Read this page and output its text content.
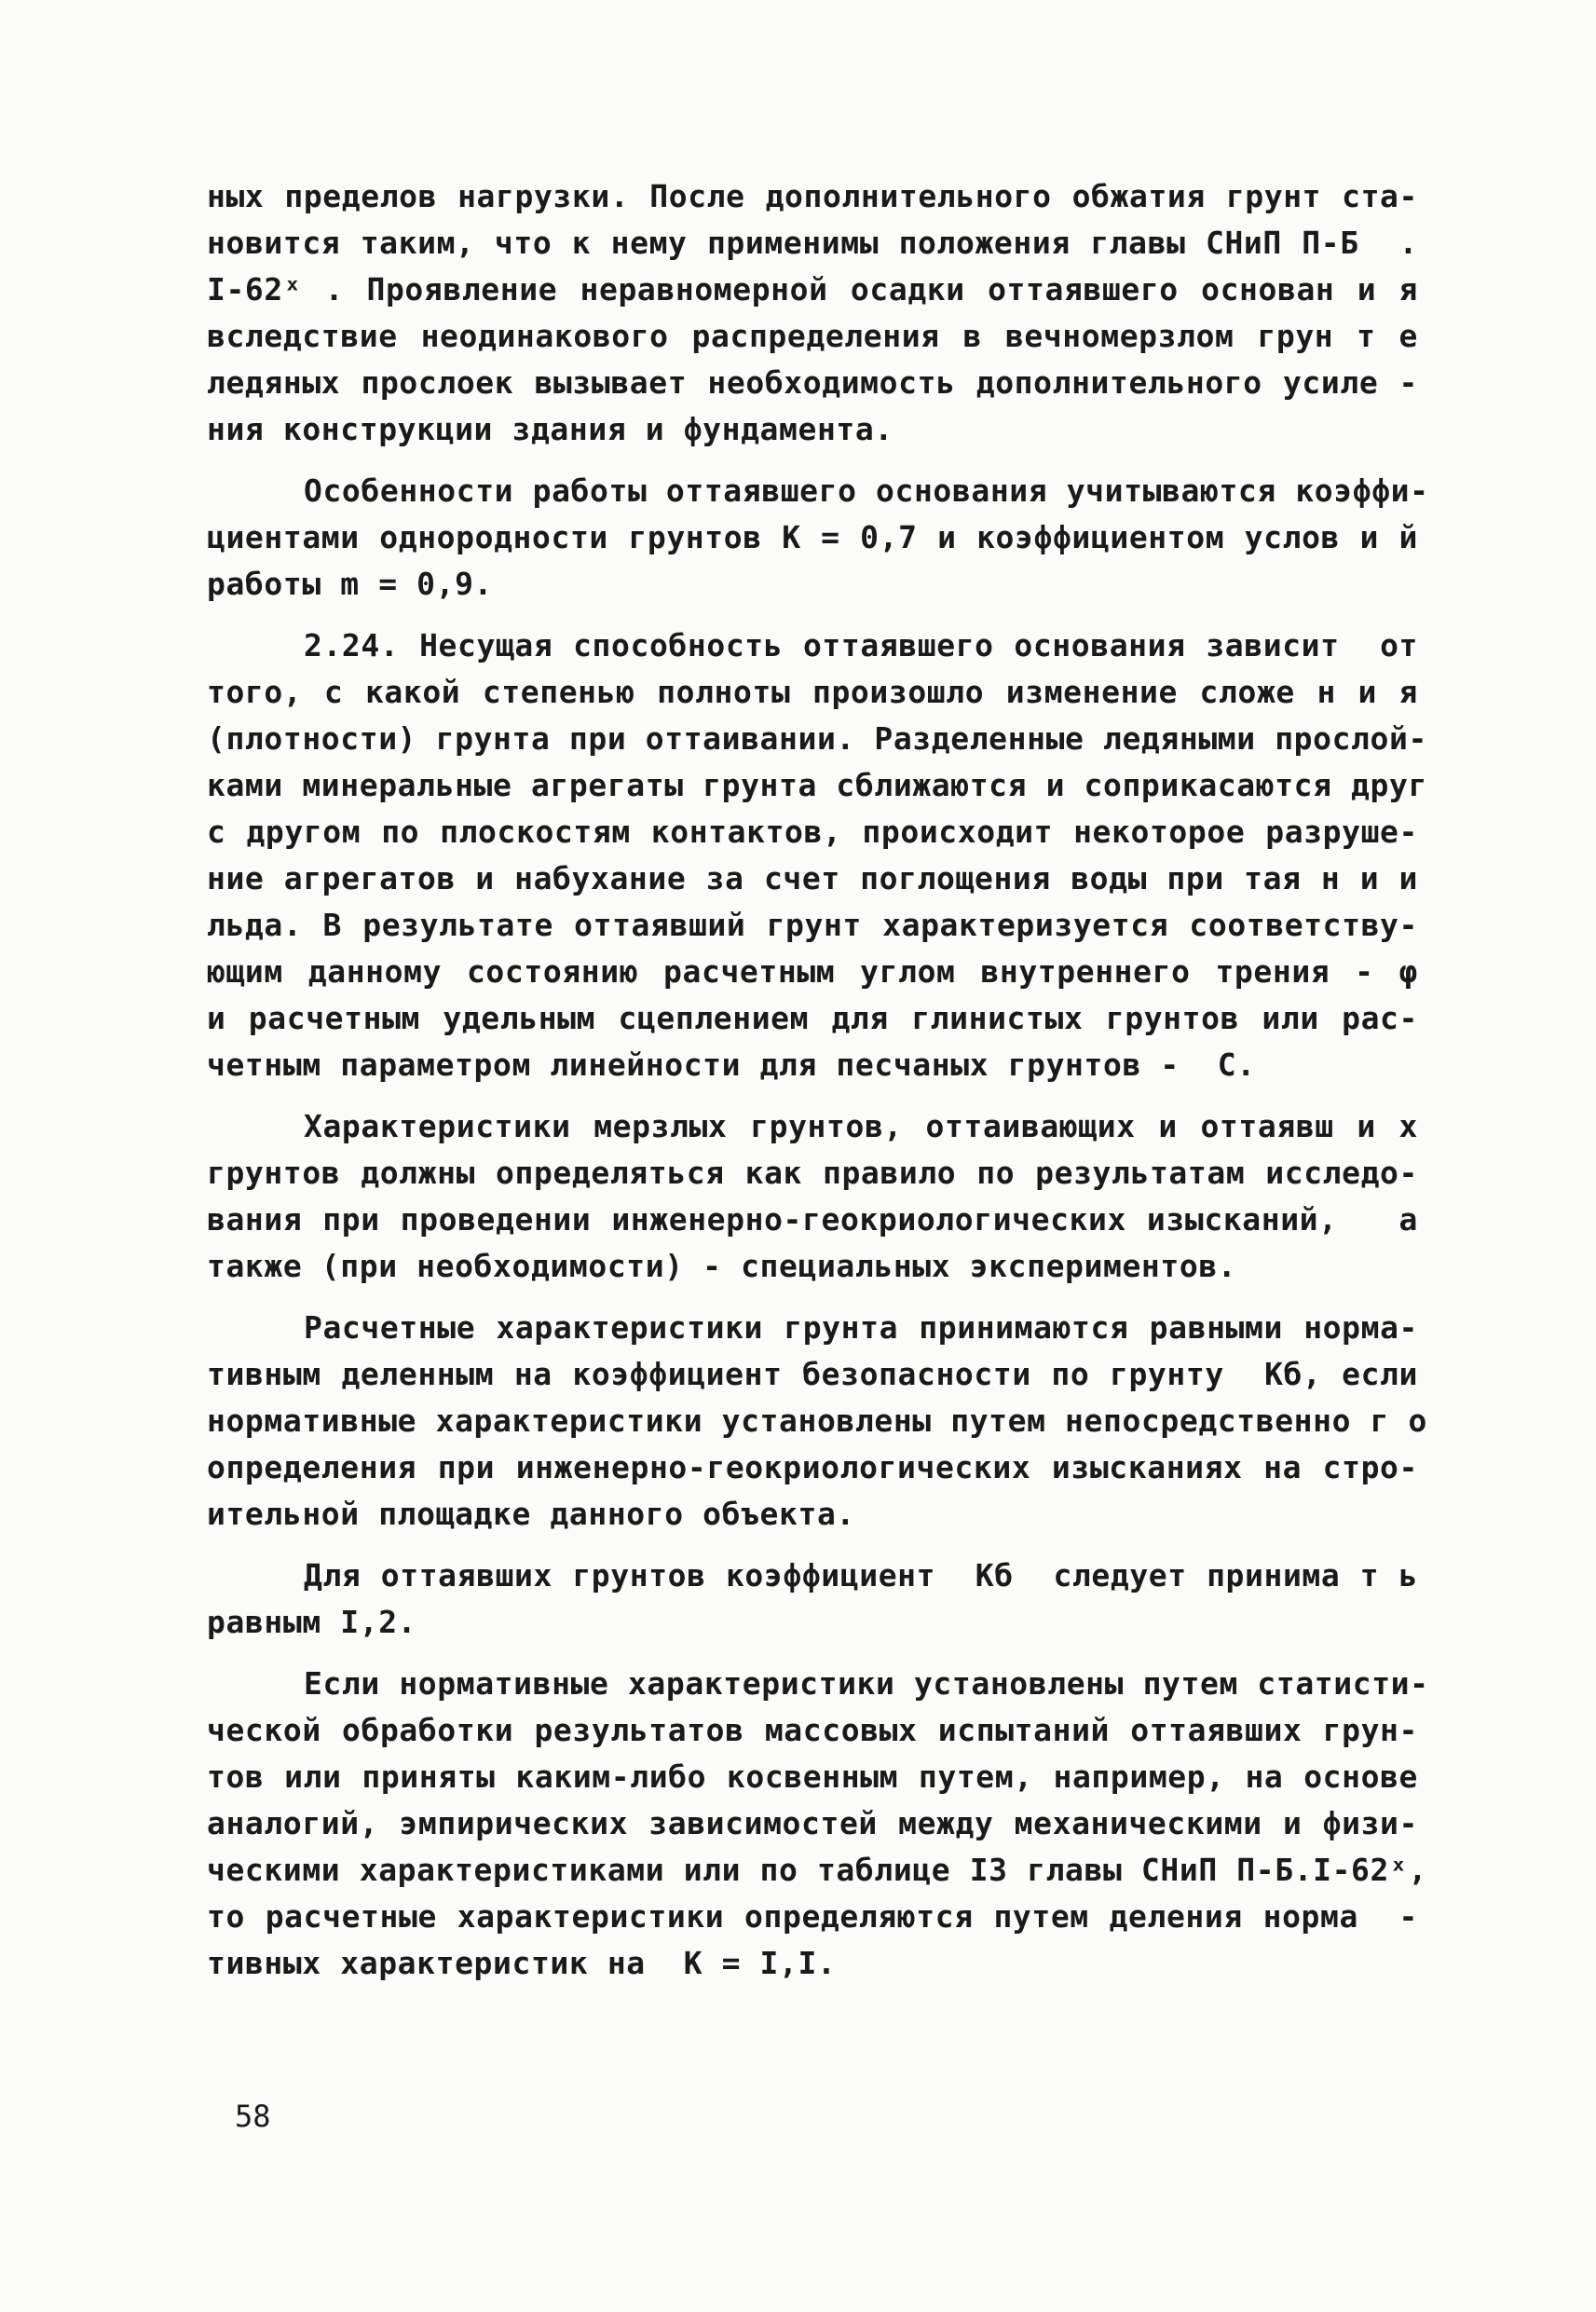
ных пределов нагрузки. После дополнительного обжатия грунт ста-
новится таким, что к нему применимы положения главы СНиП П-Б  .
I-62ˣ . Проявление неравномерной осадки оттаявшего основан и я
вследствие неодинакового распределения в вечномерзлом грун т е
ледяных прослоек вызывает необходимость дополнительного усиле -
ния конструкции здания и фундамента.
Особенности работы оттаявшего основания учитываются коэффи-
циентами однородности грунтов К = 0,7 и коэффициентом услов и й
работы m = 0,9.
2.24. Несущая способность оттаявшего основания зависит  от
того, с какой степенью полноты произошло изменение сложе н и я
(плотности) грунта при оттаивании. Разделенные ледяными прослой-
ками минеральные агрегаты грунта сближаются и соприкасаются друг
с другом по плоскостям контактов, происходит некоторое разруше-
ние агрегатов и набухание за счет поглощения воды при тая н и и
льда. В результате оттаявший грунт характеризуется соответству-
ющим данному состоянию расчетным углом внутреннего трения - φ
и расчетным удельным сцеплением для глинистых грунтов или рас-
четным параметром линейности для песчаных грунтов -  С.
Характеристики мерзлых грунтов, оттаивающих и оттаявш и х
грунтов должны определяться как правило по результатам исследо-
вания при проведении инженерно-геокриологических изысканий,   а
также (при необходимости) - специальных экспериментов.
Расчетные характеристики грунта принимаются равными норма-
тивным деленным на коэффициент безопасности по грунту  Кб, если
нормативные характеристики установлены путем непосредственно г о
определения при инженерно-геокриологических изысканиях на стро-
ительной площадке данного объекта.
Для оттаявших грунтов коэффициент  Кб  следует принима т ь
равным I,2.
Если нормативные характеристики установлены путем статисти-
ческой обработки результатов массовых испытаний оттаявших грун-
тов или приняты каким-либо косвенным путем, например, на основе
аналогий, эмпирических зависимостей между механическими и физи-
ческими характеристиками или по таблице I3 главы СНиП П-Б.I-62ˣ,
то расчетные характеристики определяются путем деления норма  -
тивных характеристик на  К = I,I.
58
